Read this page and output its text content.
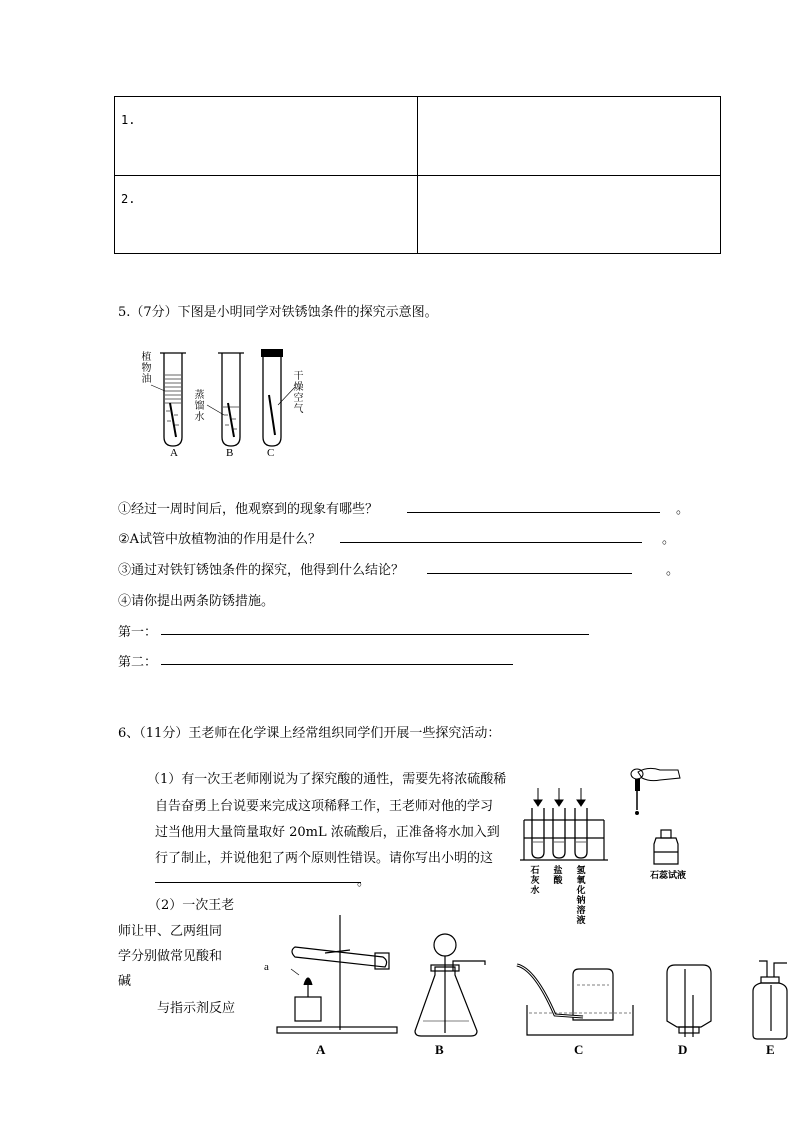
1.
2.
5.（7分）下图是小明同学对铁锈蚀条件的探究示意图。
植
物
油
蒸
馏
水
干
燥
空
气
A	B	C
①经过一周时间后，他观察到的现象有哪些？	。
②A试管中放植物油的作用是什么？	。
③通过对铁钉锈蚀条件的探究，他得到什么结论？	。
④请你提出两条防锈措施。
第一：
第二：
6、（11分）王老师在化学课上经常组织同学们开展一些探究活动：
（1）有一次王老师刚说为了探究酸的通性，需要先将浓硫酸稀
自告奋勇上台说要来完成这项稀释工作，王老师对他的学习
过当他用大量筒量取好 20mL 浓硫酸后，正准备将水加入到
行了制止，并说他犯了两个原则性错误。请你写出小明的这
。
（2）一次王老
师让甲、乙两组同
学分别做常见酸和
碱
与指示剂反应
石
灰
水
盐
酸
氢
氧
化
钠
溶
液
石蕊试液
a
A	B	C	D	E
